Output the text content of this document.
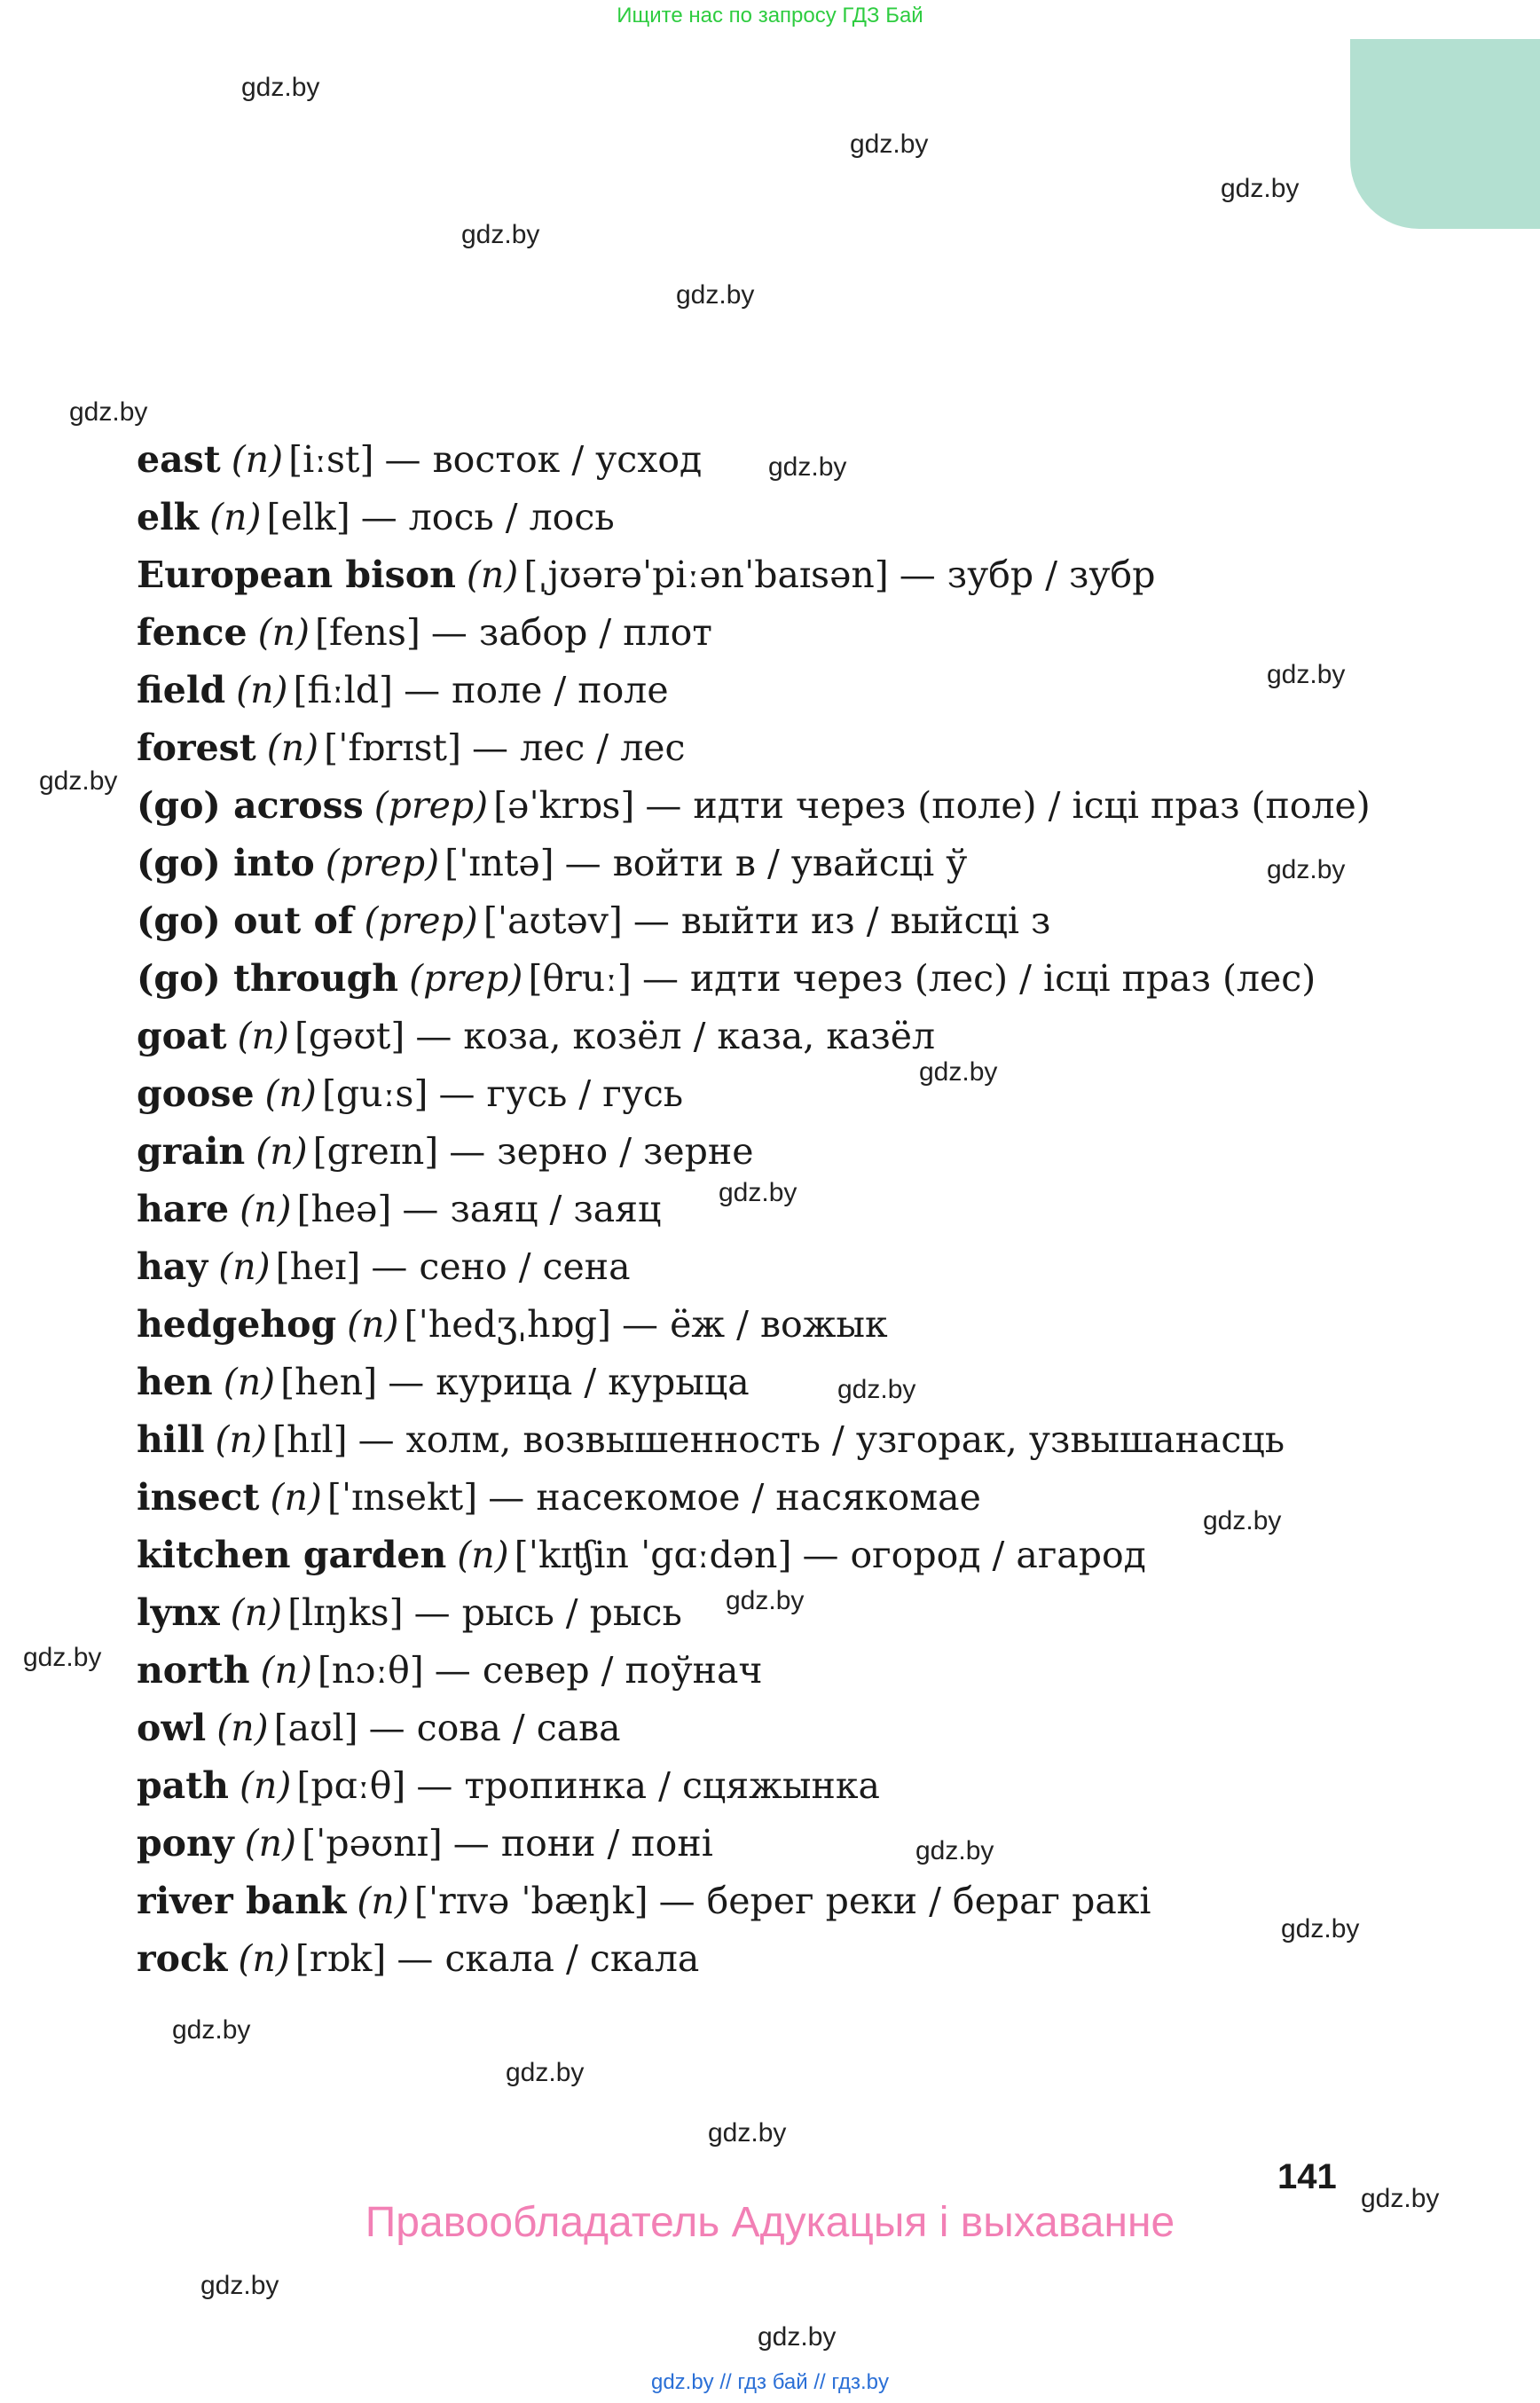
Ищите нас по запросу ГДЗ Бай
gdz.by
gdz.by
gdz.by
gdz.by
gdz.by
gdz.by
gdz.by
gdz.by
gdz.by
gdz.by
gdz.by
gdz.by
gdz.by
gdz.by
gdz.by
gdz.by
gdz.by
gdz.by
gdz.by
gdz.by
gdz.by
gdz.by
gdz.by
gdz.by
east (n) [iːst] — восток / усход
elk (n) [elk] — лось / лось
European bison (n) [ˌjʊərəˈpiːənˈbaɪsən] — зубр / зубр
fence (n) [fens] — забор / плот
field (n) [fiːld] — поле / поле
forest (n) [ˈfɒrɪst] — лес / лес
(go) across (prep) [əˈkrɒs] — идти через (поле) / ісці праз (поле)
(go) into (prep) [ˈɪntə] — войти в / увайсці ў
(go) out of (prep) [ˈaʊtəv] — выйти из / выйсці з
(go) through (prep) [θruː] — идти через (лес) / ісці праз (лес)
goat (n) [gəʊt] — коза, козёл / каза, казёл
goose (n) [guːs] — гусь / гусь
grain (n) [greɪn] — зерно / зерне
hare (n) [heə] — заяц / заяц
hay (n) [heɪ] — сено / сена
hedgehog (n) [ˈhedʒˌhɒg] — ёж / вожык
hen (n) [hen] — курица / курыца
hill (n) [hɪl] — холм, возвышенность / узгорак, узвышанасць
insect (n) [ˈɪnsekt] — насекомое / насякомае
kitchen garden (n) [ˈkɪʧin ˈgɑːdən] — огород / агарод
lynx (n) [lɪŋks] — рысь / рысь
north (n) [nɔːθ] — север / поўнач
owl (n) [aʊl] — сова / сава
path (n) [pɑːθ] — тропинка / сцяжынка
pony (n) [ˈpəʊnɪ] — пони / поні
river bank (n) [ˈrɪvə ˈbæŋk] — берег реки / бераг ракі
rock (n) [rɒk] — скала / скала
141
Правообладатель Адукацыя і выхаванне
gdz.by // гдз бай // гдз.by
